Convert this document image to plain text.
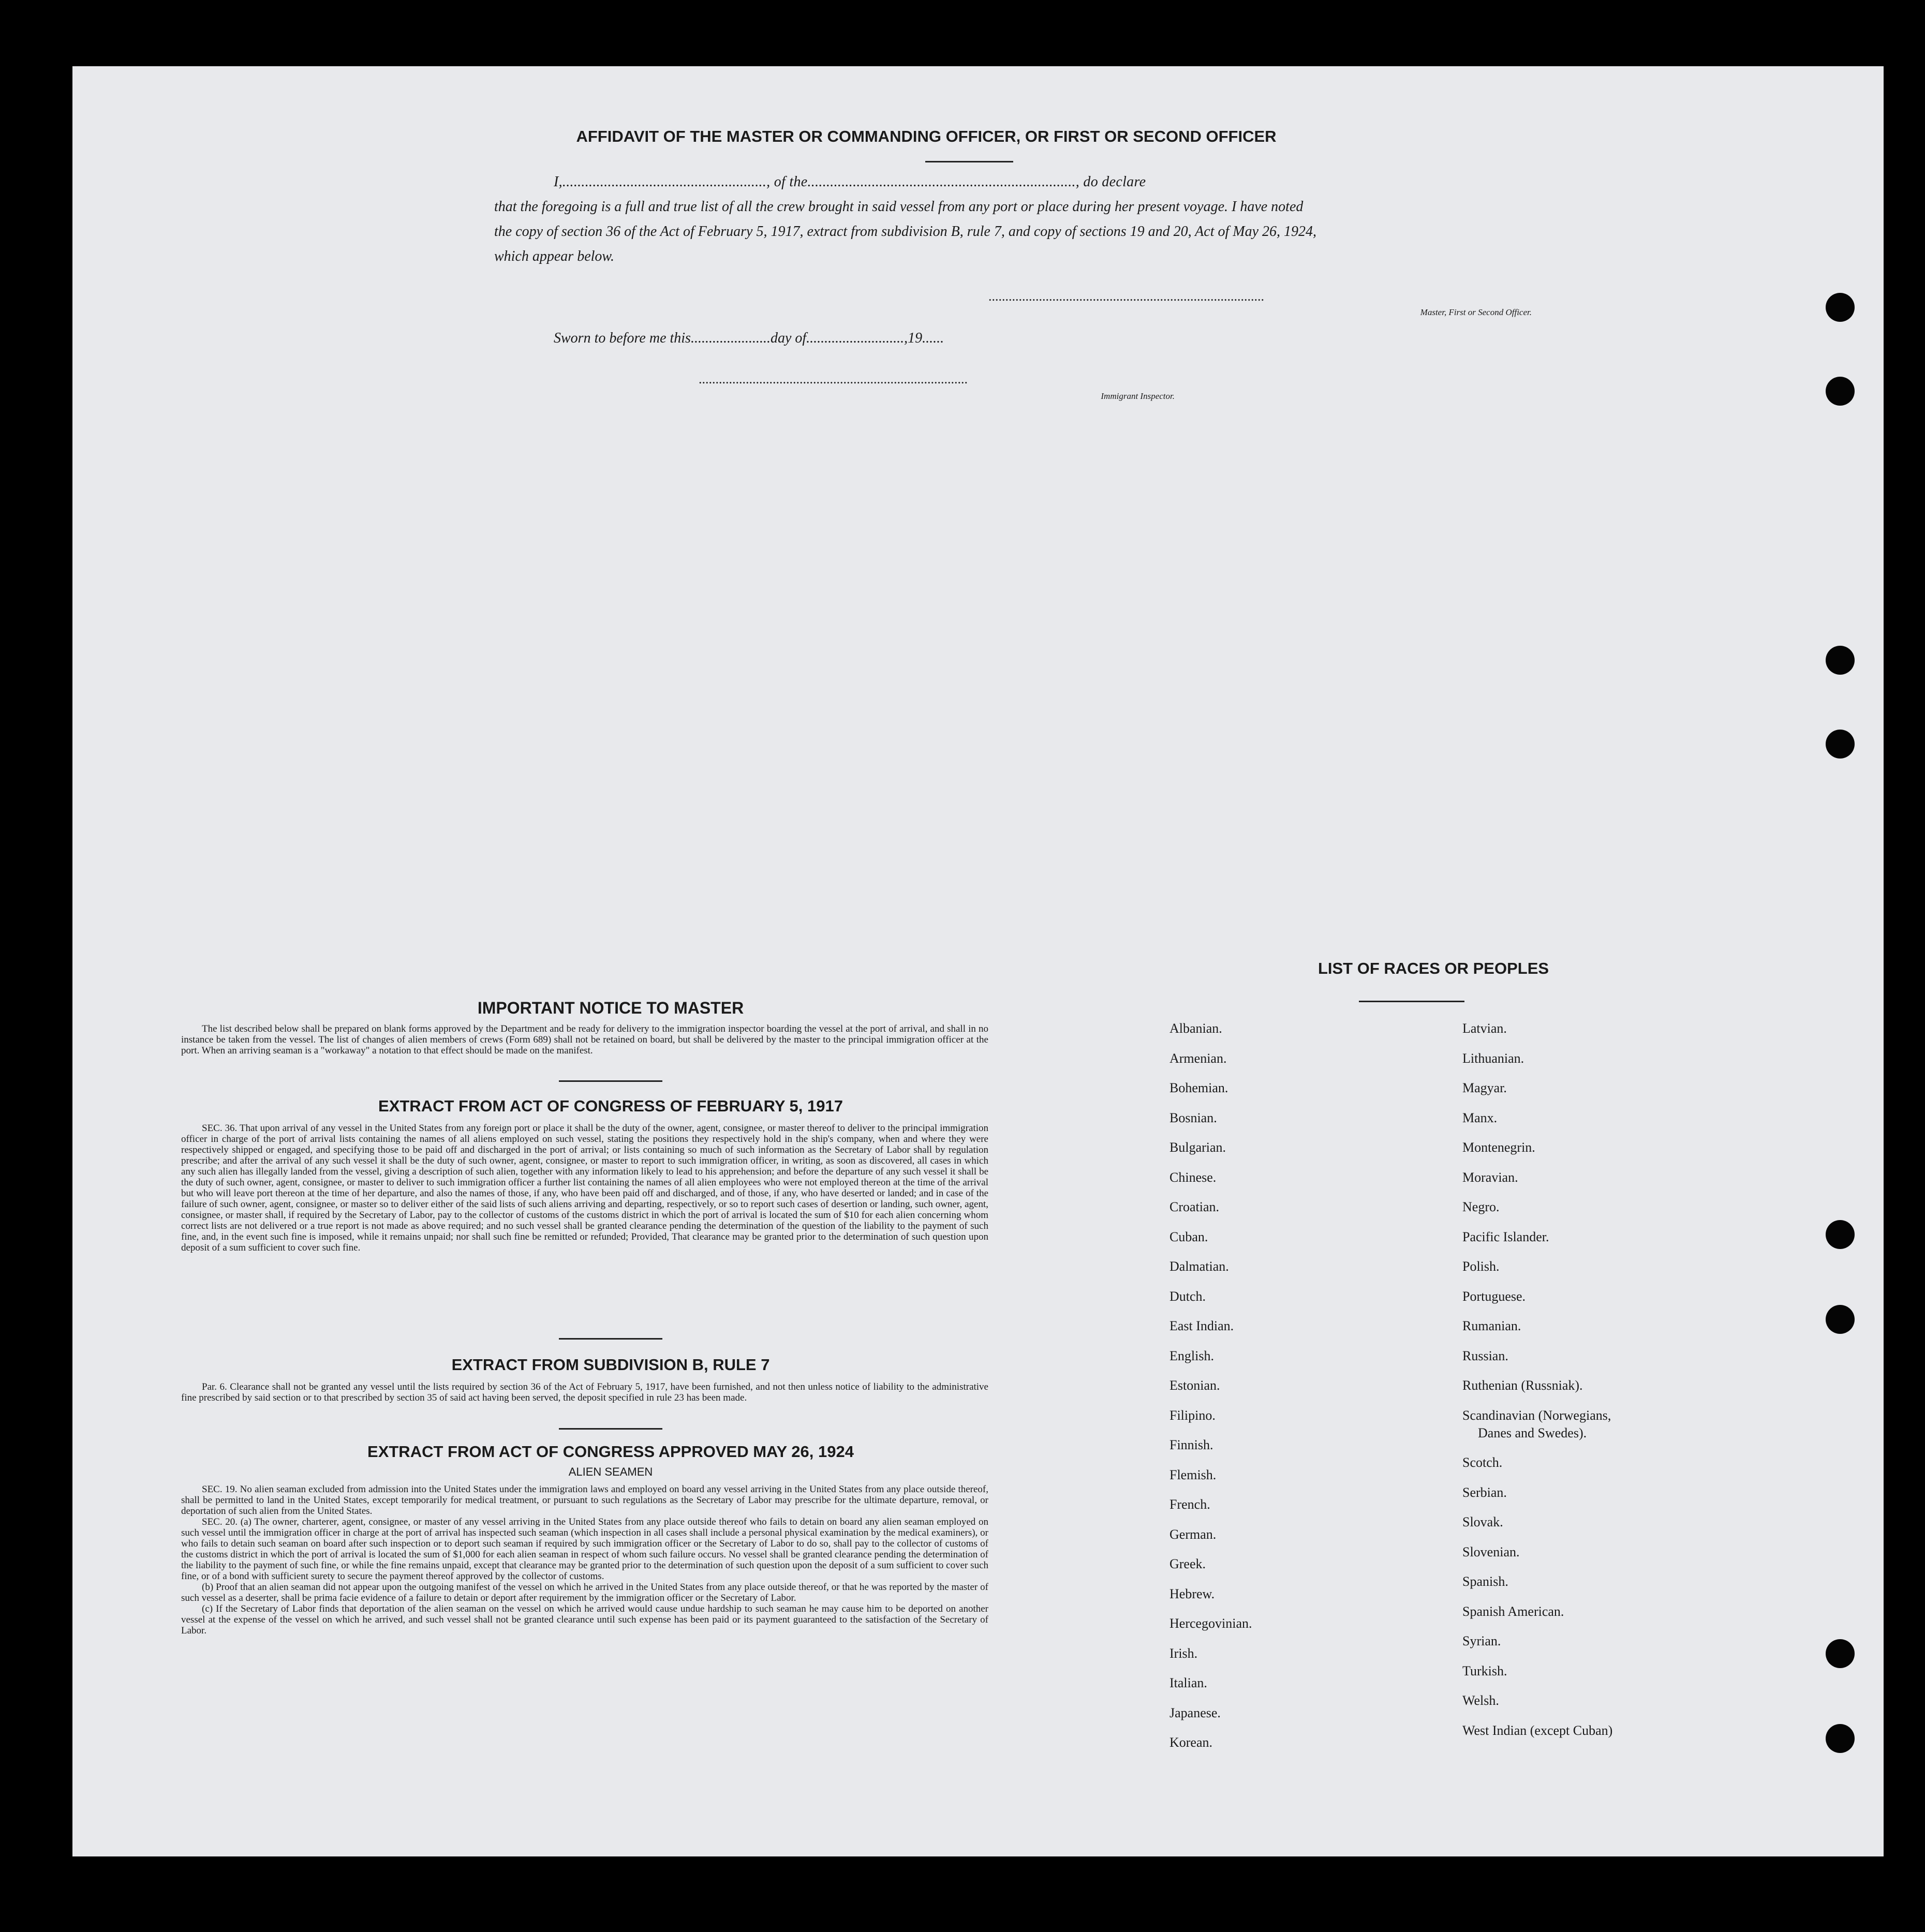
AFFIDAVIT OF THE MASTER OR COMMANDING OFFICER, OR FIRST OR SECOND OFFICER
I,......................................................, of the......................................................................., do declare
that the foregoing is a full and true list of all the crew brought in said vessel from any port or place during her present voyage. I have noted
the copy of section 36 of the Act of February 5, 1917, extract from subdivision B, rule 7, and copy of sections 19 and 20, Act of May 26, 1924,
which appear below.
..................................................................................
Master, First or Second Officer.
Sworn to before me this......................day of...........................,19......
................................................................................
Immigrant Inspector.
IMPORTANT NOTICE TO MASTER

The list described below shall be prepared on blank forms approved by the Department and be ready for delivery to the immigration inspector boarding the vessel at the port of arrival, and shall in no instance be taken from the vessel. The list of changes of alien members of crews (Form 689) shall not be retained on board, but shall be delivered by the master to the principal immigration officer at the port. When an arriving seaman is a "workaway" a notation to that effect should be made on the manifest.

EXTRACT FROM ACT OF CONGRESS OF FEBRUARY 5, 1917

SEC. 36. That upon arrival of any vessel in the United States from any foreign port or place it shall be the duty of the owner, agent, consignee, or master thereof to deliver to the principal immigration officer in charge of the port of arrival lists containing the names of all aliens employed on such vessel, stating the positions they respectively hold in the ship's company, when and where they were respectively shipped or engaged, and specifying those to be paid off and discharged in the port of arrival; or lists containing so much of such information as the Secretary of Labor shall by regulation prescribe; and after the arrival of any such vessel it shall be the duty of such owner, agent, consignee, or master to report to such immigration officer, in writing, as soon as discovered, all cases in which any such alien has illegally landed from the vessel, giving a description of such alien, together with any information likely to lead to his apprehension; and before the departure of any such vessel it shall be the duty of such owner, agent, consignee, or master to deliver to such immigration officer a further list containing the names of all alien employees who were not employed thereon at the time of the arrival but who will leave port thereon at the time of her departure, and also the names of those, if any, who have been paid off and discharged, and of those, if any, who have deserted or landed; and in case of the failure of such owner, agent, consignee, or master so to deliver either of the said lists of such aliens arriving and departing, respectively, or so to report such cases of desertion or landing, such owner, agent, consignee, or master shall, if required by the Secretary of Labor, pay to the collector of customs of the customs district in which the port of arrival is located the sum of $10 for each alien concerning whom correct lists are not delivered or a true report is not made as above required; and no such vessel shall be granted clearance pending the determination of the question of the liability to the payment of such fine, and, in the event such fine is imposed, while it remains unpaid; nor shall such fine be remitted or refunded; Provided, That clearance may be granted prior to the determination of such question upon deposit of a sum sufficient to cover such fine.

EXTRACT FROM SUBDIVISION B, RULE 7

Par. 6. Clearance shall not be granted any vessel until the lists required by section 36 of the Act of February 5, 1917, have been furnished, and not then unless notice of liability to the administrative fine prescribed by said section or to that prescribed by section 35 of said act having been served, the deposit specified in rule 23 has been made.

EXTRACT FROM ACT OF CONGRESS APPROVED MAY 26, 1924
ALIEN SEAMEN

SEC. 19. No alien seaman excluded from admission into the United States under the immigration laws and employed on board any vessel arriving in the United States from any place outside thereof, shall be permitted to land in the United States, except temporarily for medical treatment, or pursuant to such regulations as the Secretary of Labor may prescribe for the ultimate departure, removal, or deportation of such alien from the United States.

SEC. 20. (a) The owner, charterer, agent, consignee, or master of any vessel arriving in the United States from any place outside thereof who fails to detain on board any alien seaman employed on such vessel until the immigration officer in charge at the port of arrival has inspected such seaman (which inspection in all cases shall include a personal physical examination by the medical examiners), or who fails to detain such seaman on board after such inspection or to deport such seaman if required by such immigration officer or the Secretary of Labor to do so, shall pay to the collector of customs of the customs district in which the port of arrival is located the sum of $1,000 for each alien seaman in respect of whom such failure occurs. No vessel shall be granted clearance pending the determination of the liability to the payment of such fine, or while the fine remains unpaid, except that clearance may be granted prior to the determination of such question upon the deposit of a sum sufficient to cover such fine, or of a bond with sufficient surety to secure the payment thereof approved by the collector of customs.

(b) Proof that an alien seaman did not appear upon the outgoing manifest of the vessel on which he arrived in the United States from any place outside thereof, or that he was reported by the master of such vessel as a deserter, shall be prima facie evidence of a failure to detain or deport after requirement by the immigration officer or the Secretary of Labor.

(c) If the Secretary of Labor finds that deportation of the alien seaman on the vessel on which he arrived would cause undue hardship to such seaman he may cause him to be deported on another vessel at the expense of the vessel on which he arrived, and such vessel shall not be granted clearance until such expense has been paid or its payment guaranteed to the satisfaction of the Secretary of Labor.

LIST OF RACES OR PEOPLES
Albanian.
Armenian.
Bohemian.
Bosnian.
Bulgarian.
Chinese.
Croatian.
Cuban.
Dalmatian.
Dutch.
East Indian.
English.
Estonian.
Filipino.
Finnish.
Flemish.
French.
German.
Greek.
Hebrew.
Hercegovinian.
Irish.
Italian.
Japanese.
Korean.
Latvian.
Lithuanian.
Magyar.
Manx.
Montenegrin.
Moravian.
Negro.
Pacific Islander.
Polish.
Portuguese.
Rumanian.
Russian.
Ruthenian (Russniak).
Scandinavian (Norwegians,
Danes and Swedes).
Scotch.
Serbian.
Slovak.
Slovenian.
Spanish.
Spanish American.
Syrian.
Turkish.
Welsh.
West Indian (except Cuban)
